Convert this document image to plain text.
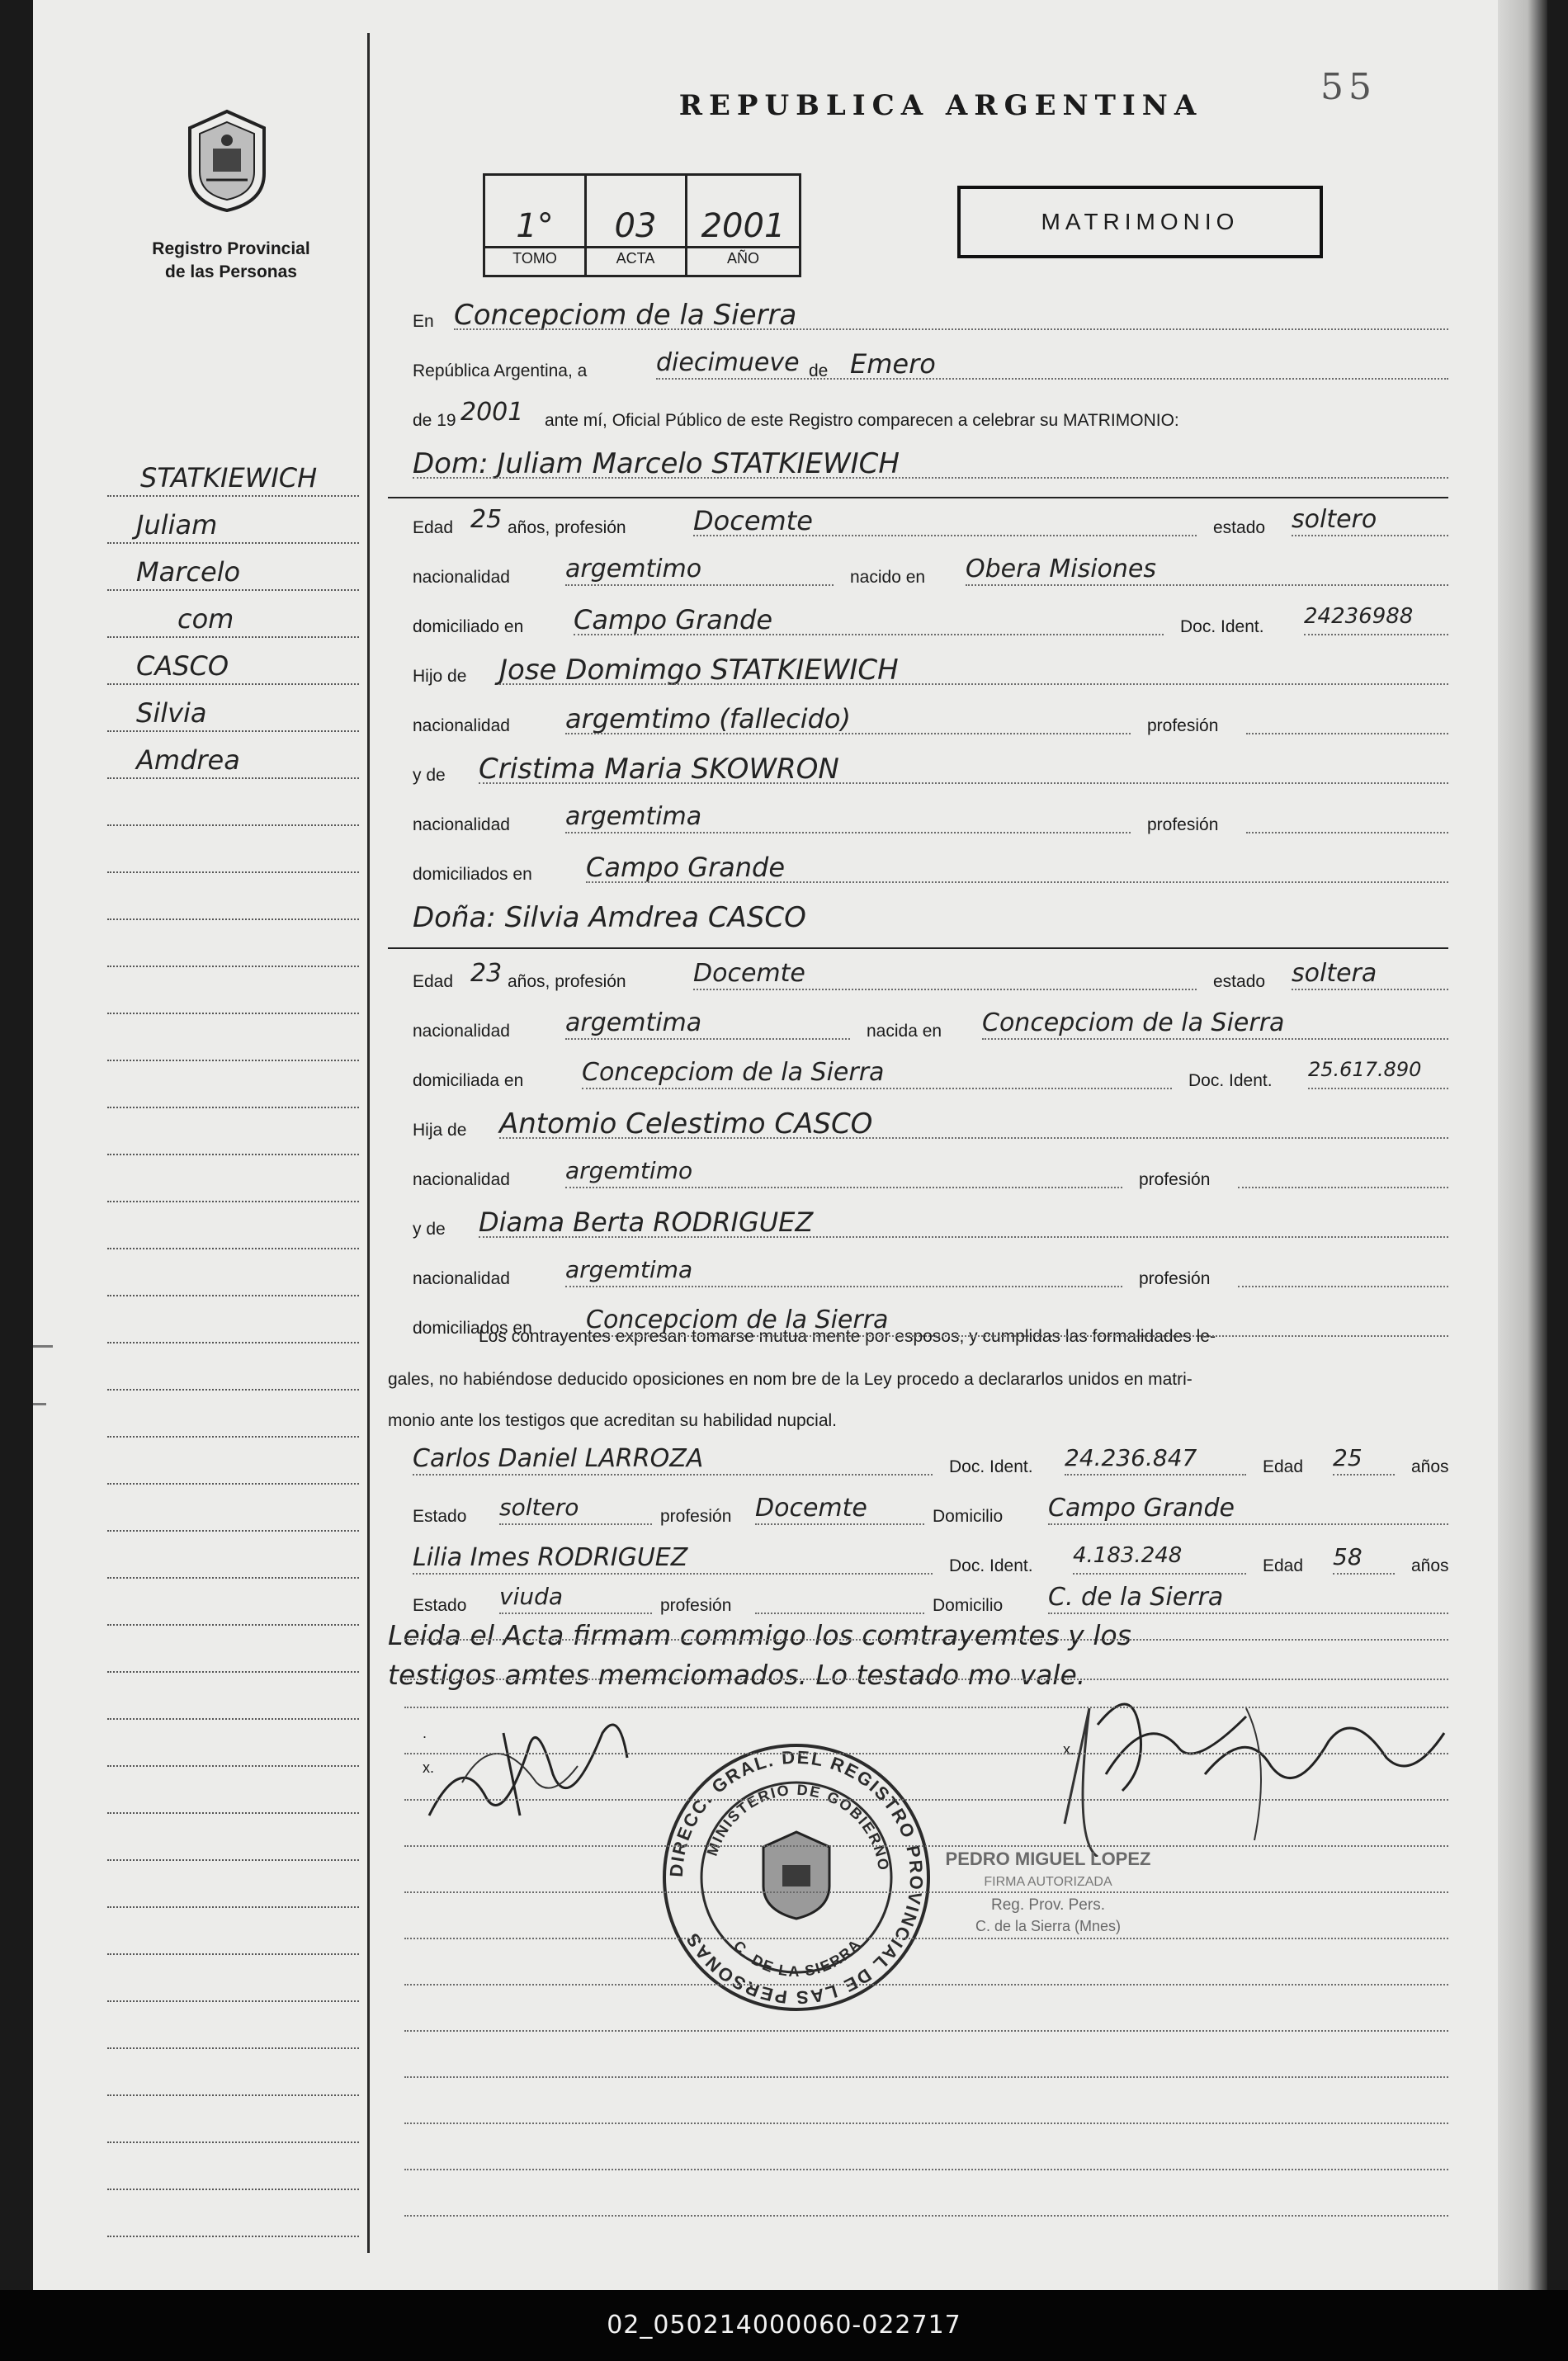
Registro Provincial
de las Personas
REPUBLICA ARGENTINA	55
1°	03	2001
TOMO	ACTA	AÑO
MATRIMONIO
Los contrayentes expresan tomarse mutua mente por esposos, y cumplidas las formalidades le-
gales, no habiéndose deducido oposiciones en nom bre de la Ley procedo a declararlos unidos en matri-
monio ante los testigos que acreditan su habilidad nupcial.
Leida el Acta firmam commigo los comtrayemtes y los
testigos amtes memciomados. Lo testado mo vale.
DIRECC. GRAL. DEL REGISTRO PROVINCIAL DE LAS PERSONAS
MINISTERIO DE GOBIERNO
C. DE LA SIERRA
PEDRO MIGUEL LOPEZ
FIRMA AUTORIZADA
Reg. Prov. Pers.
C. de la Sierra (Mnes)
.
x.
x.
STATKIEWICH
Juliam
Marcelo
com
CASCO
Silvia
Amdrea
En Concepciom de la Sierra
República Argentina, a	diecimueve de Emero
de 19 2001 ante mí, Oficial Público de este Registro comparecen a celebrar su MATRIMONIO:
Dom: Juliam Marcelo STATKIEWICH
Edad 25 años, profesión	Docemte	estado soltero
nacionalidad argemtimo	nacido en Obera Misiones
domiciliado en Campo Grande	Doc. Ident. 24236988
Hijo de Jose Domimgo STATKIEWICH
nacionalidad argemtimo (fallecido)	profesión
y de Cristima Maria SKOWRON
nacionalidad argemtima	profesión
domiciliados en Campo Grande
Doña: Silvia Amdrea CASCO
Edad 23 años, profesión	Docemte	estado soltera
nacionalidad argemtima	nacida en Concepciom de la Sierra
domiciliada en Concepciom de la Sierra	Doc. Ident. 25.617.890
Hija de Antomio Celestimo CASCO
nacionalidad argemtimo	profesión
y de Diama Berta RODRIGUEZ
nacionalidad argemtima	profesión
domiciliados en Concepciom de la Sierra
Carlos Daniel LARROZA	Doc. Ident. 24.236.847	Edad 25	años
Estado soltero	profesión Docemte	Domicilio Campo Grande
Lilia Imes RODRIGUEZ	Doc. Ident. 4.183.248	Edad 58	años
Estado viuda	profesión	Domicilio C. de la Sierra
02_050214000060-022717
